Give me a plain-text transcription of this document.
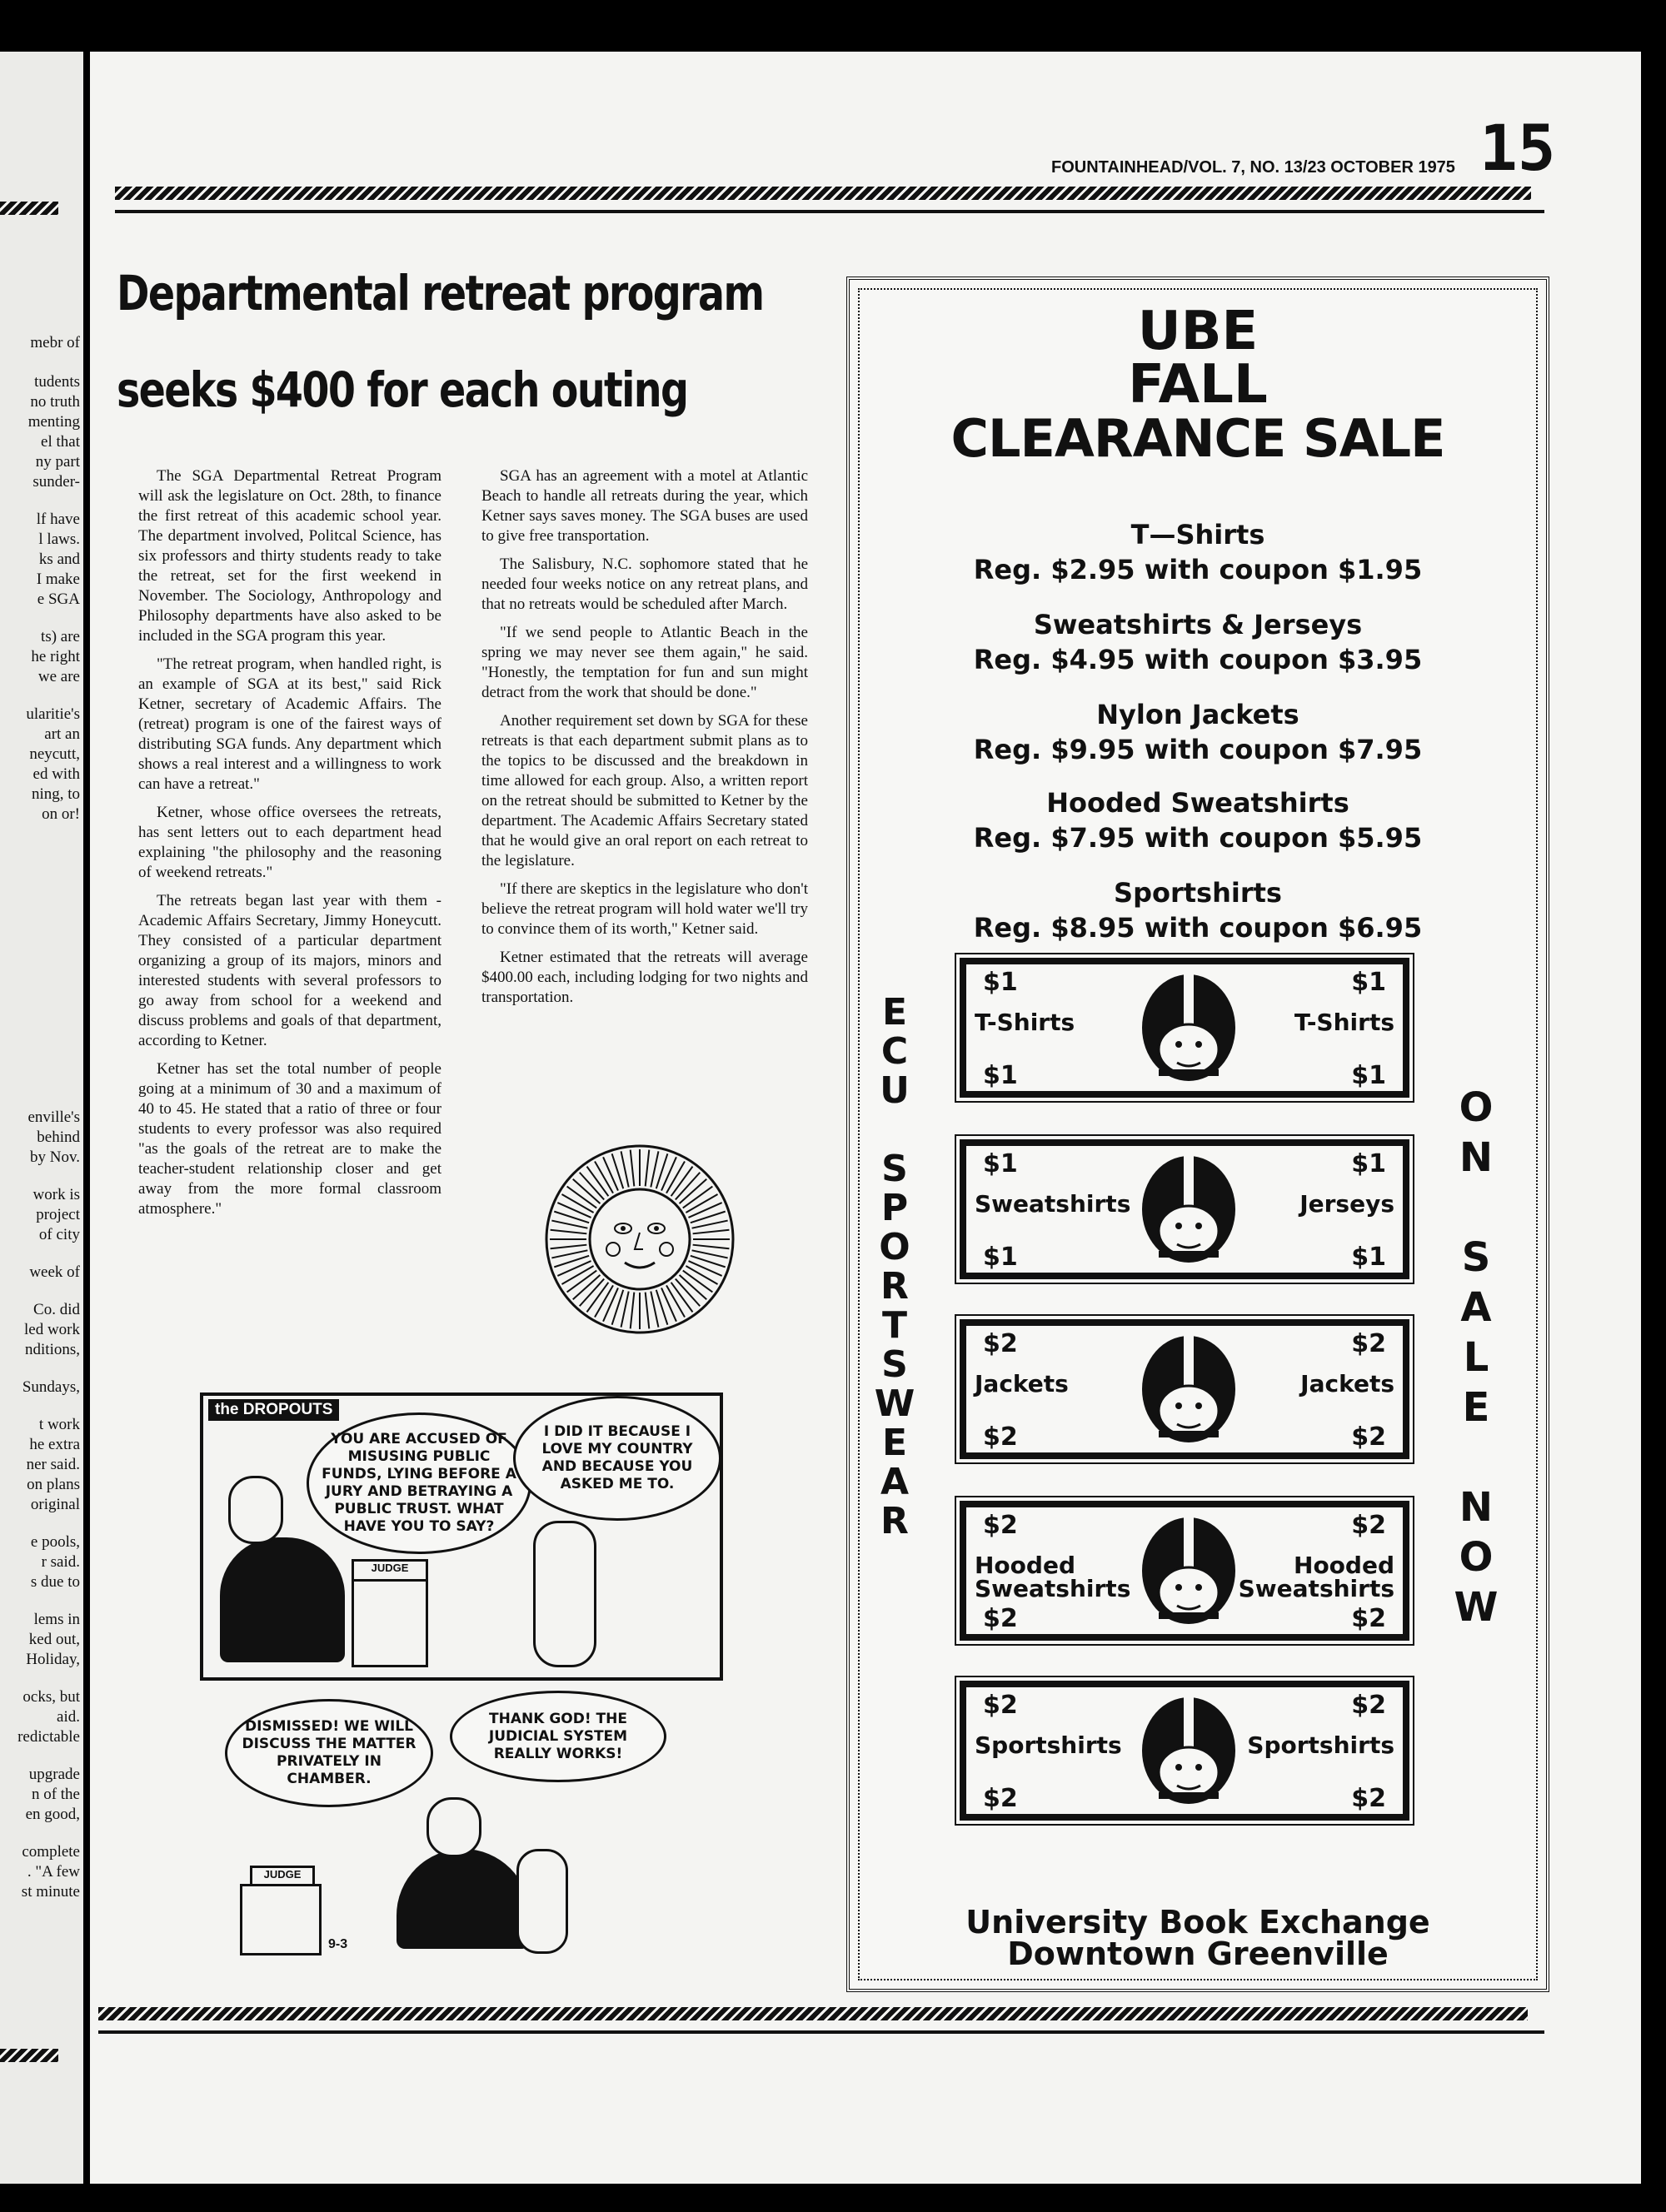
mebr of
tudents
no truth
menting
el that
ny part
sunder-
lf have
l laws.
ks and
I make
e SGA
ts) are
he right
we are
ularitie's
art an
neycutt,
ed with
ning, to
on or!
enville's
behind
by Nov.
work is
project
of city
week of
Co. did
led work
nditions,
Sundays,
t work
he extra
ner said.
on plans
original
e pools,
r said.
s due to
lems in
ked out,
Holiday,
ocks, but
aid.
redictable
upgrade
n of the
en good,
complete
. "A few
st minute
15
FOUNTAINHEAD/VOL. 7, NO. 13/23 OCTOBER 1975
Departmental retreat program
seeks $400 for each outing

The SGA Departmental Retreat Program will ask the legislature on Oct. 28th, to finance the first retreat of this academic school year. The department involved, Politcal Science, has six professors and thirty students ready to take the retreat, set for the first weekend in November. The Sociology, Anthropology and Philosophy departments have also asked to be included in the SGA program this year.

"The retreat program, when handled right, is an example of SGA at its best," said Rick Ketner, secretary of Academic Affairs. The (retreat) program is one of the fairest ways of distributing SGA funds. Any department which shows a real interest and a willingness to work can have a retreat."

Ketner, whose office oversees the retreats, has sent letters out to each department head explaining "the philosophy and the reasoning of weekend retreats."

The retreats began last year with them - Academic Affairs Secretary, Jimmy Honeycutt. They consisted of a particular department organizing a group of its majors, minors and interested students with several professors to go away from school for a weekend and discuss problems and goals of that department, according to Ketner.

Ketner has set the total number of people going at a minimum of 30 and a maximum of 40 to 45. He stated that a ratio of three or four students to every professor was also required "as the goals of the retreat are to make the teacher-student relationship closer and get away from the more formal classroom atmosphere."

SGA has an agreement with a motel at Atlantic Beach to handle all retreats during the year, which Ketner says saves money. The SGA buses are used to give free transportation.

The Salisbury, N.C. sophomore stated that he needed four weeks notice on any retreat plans, and that no retreats would be scheduled after March.

"If we send people to Atlantic Beach in the spring we may never see them again," he said. "Honestly, the temptation for fun and sun might detract from the work that should be done."

Another requirement set down by SGA for these retreats is that each department submit plans as to the topics to be discussed and the breakdown in time allowed for each group. Also, a written report on the retreat should be submitted to Ketner by the department. The Academic Affairs Secretary stated that he would give an oral report on each retreat to the legislature.

"If there are skeptics in the legislature who don't believe the retreat program will hold water we'll try to convince them of its worth," Ketner said.

Ketner estimated that the retreats will average $400.00 each, including lodging for two nights and transportation.

the DROPOUTS
YOU ARE ACCUSED OF MISUSING PUBLIC FUNDS, LYING BEFORE A JURY AND BETRAYING A PUBLIC TRUST. WHAT HAVE YOU TO SAY?
I DID IT BECAUSE I LOVE MY COUNTRY AND BECAUSE YOU ASKED ME TO.
JUDGE
DISMISSED! WE WILL DISCUSS THE MATTER PRIVATELY IN CHAMBER.
THANK GOD! THE JUDICIAL SYSTEM REALLY WORKS!
JUDGE
9-3
UBE
FALL
CLEARANCE SALE
T—Shirts
Reg. $2.95 with coupon $1.95
Sweatshirts & Jerseys
Reg. $4.95 with coupon $3.95
Nylon Jackets
Reg. $9.95 with coupon $7.95
Hooded Sweatshirts
Reg. $7.95 with coupon $5.95
Sportshirts
Reg. $8.95 with coupon $6.95
$1	$1
$1	$1
T-Shirts	T-Shirts
$1	$1
$1	$1
Sweatshirts	Jerseys
$2	$2
$2	$2
Jackets	Jackets
$2	$2
$2	$2
Hooded Sweatshirts
Hooded Sweatshirts
$2	$2
$2	$2
Sportshirts	Sportshirts
E
C
U

S
P
O
R
T
S
W
E
A
R
O
N

S
A
L
E

N
O
W
University Book Exchange
Downtown Greenville
